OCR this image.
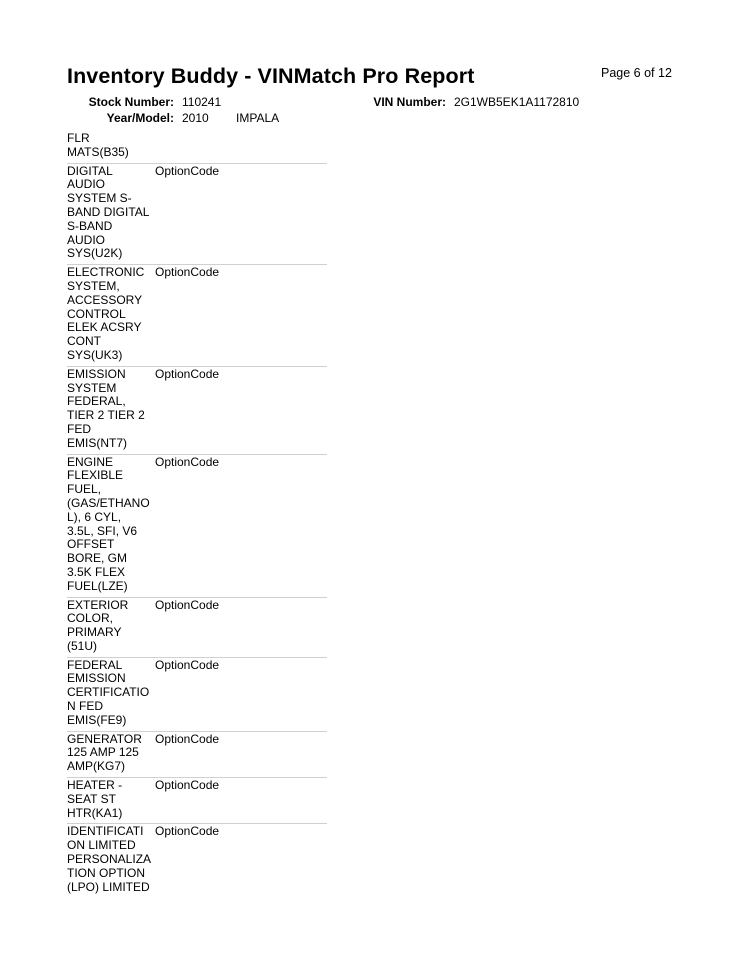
Inventory Buddy - VINMatch Pro Report	Page 6 of 12
Stock Number: 110241	VIN Number: 2G1WB5EK1A1172810
Year/Model: 2010 IMPALA
FLR
MATS(B35)
DIGITAL
AUDIO
SYSTEM S-
BAND DIGITAL
S-BAND
AUDIO
SYS(U2K)
OptionCode
ELECTRONIC
SYSTEM,
ACCESSORY
CONTROL
ELEK ACSRY
CONT
SYS(UK3)
OptionCode
EMISSION
SYSTEM
FEDERAL,
TIER 2 TIER 2
FED
EMIS(NT7)
OptionCode
ENGINE
FLEXIBLE
FUEL,
(GAS/ETHANO
L), 6 CYL,
3.5L, SFI, V6
OFFSET
BORE, GM
3.5K FLEX
FUEL(LZE)
OptionCode
EXTERIOR
COLOR,
PRIMARY
(51U)
OptionCode
FEDERAL
EMISSION
CERTIFICATIO
N FED
EMIS(FE9)
OptionCode
GENERATOR
125 AMP 125
AMP(KG7)
OptionCode
HEATER -
SEAT ST
HTR(KA1)
OptionCode
IDENTIFICATI
ON LIMITED
PERSONALIZA
TION OPTION
(LPO) LIMITED
OptionCode
